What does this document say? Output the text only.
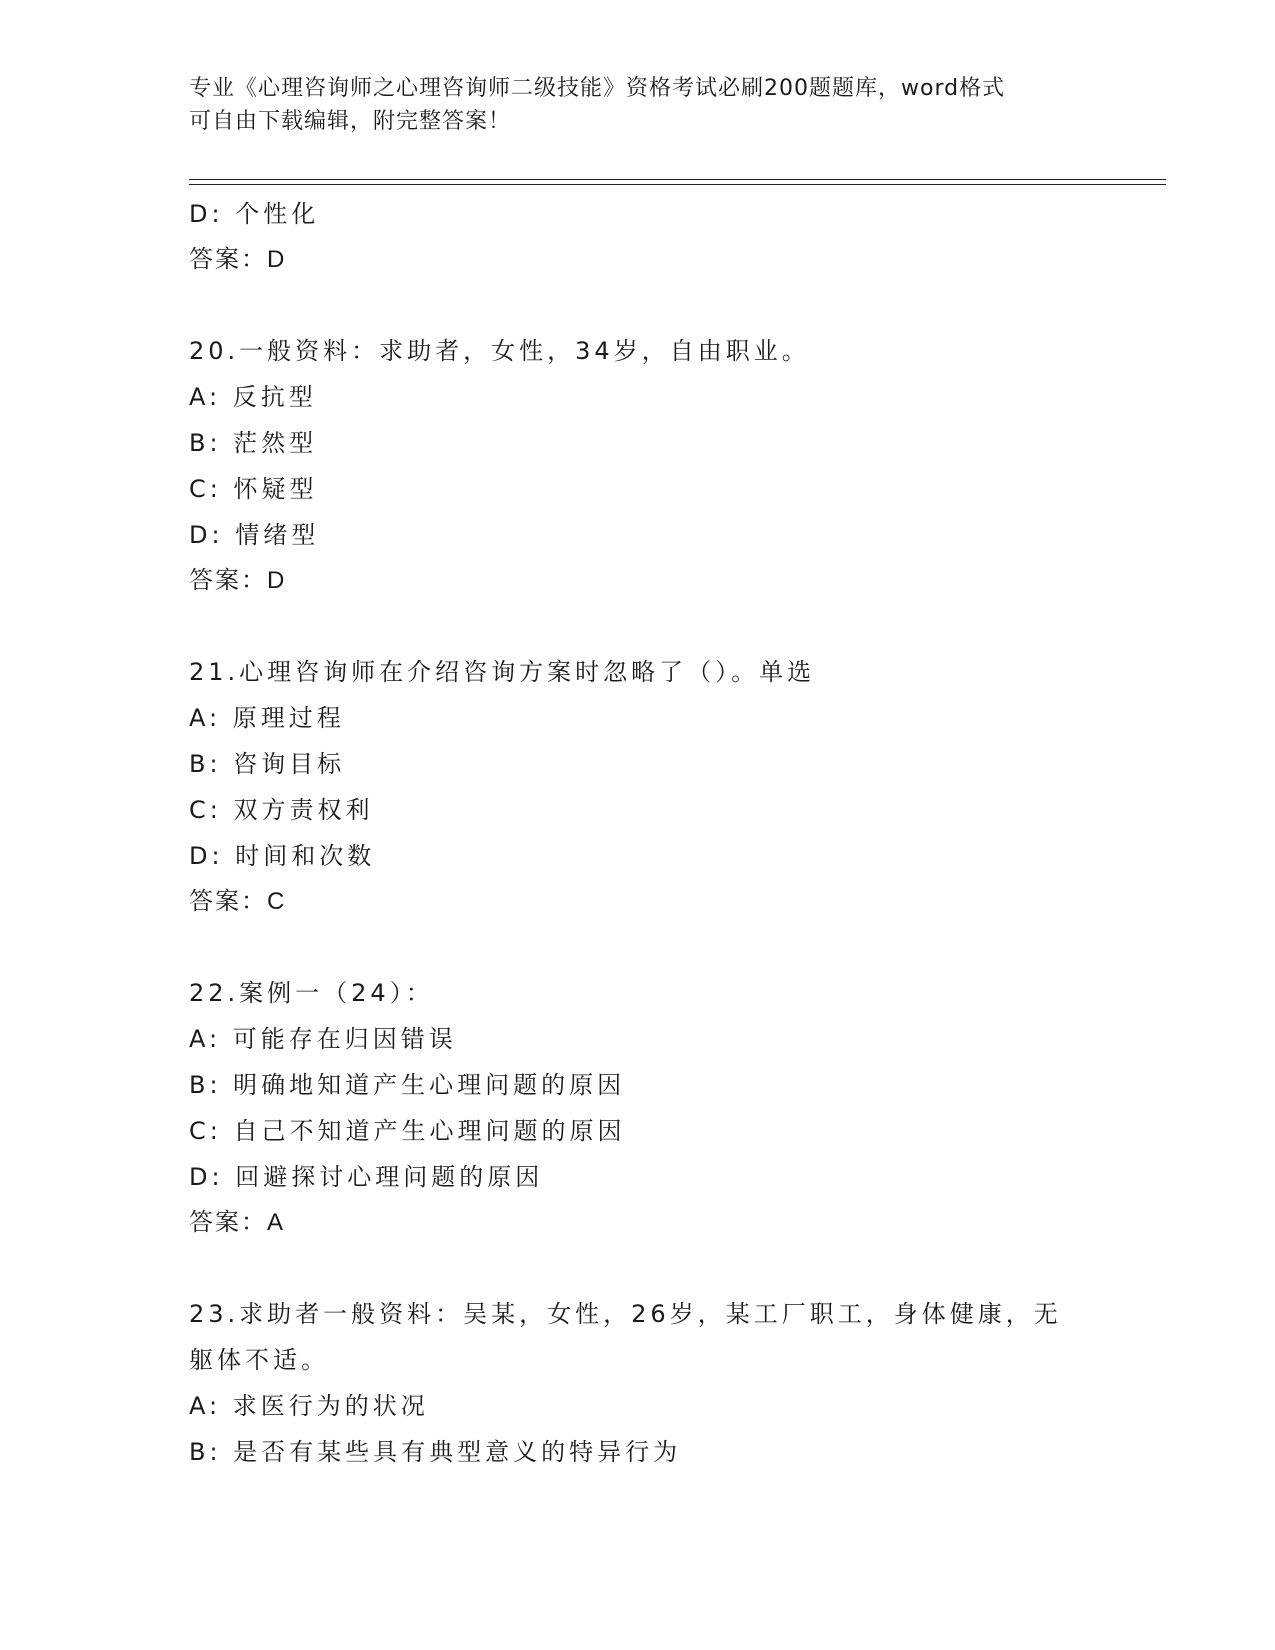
专业《心理咨询师之心理咨询师二级技能》资格考试必刷200题题库，word格式
可自由下载编辑，附完整答案！
D: 个性化
答案：D
20.一般资料：求助者，女性，34岁，自由职业。
A: 反抗型
B: 茫然型
C: 怀疑型
D: 情绪型
答案：D
21.心理咨询师在介绍咨询方案时忽略了（）。单选
A: 原理过程
B: 咨询目标
C: 双方责权利
D: 时间和次数
答案：C
22.案例一（24）：
A: 可能存在归因错误
B: 明确地知道产生心理问题的原因
C: 自己不知道产生心理问题的原因
D: 回避探讨心理问题的原因
答案：A
23.求助者一般资料：吴某，女性，26岁，某工厂职工，身体健康，无
躯体不适。
A: 求医行为的状况
B: 是否有某些具有典型意义的特异行为
